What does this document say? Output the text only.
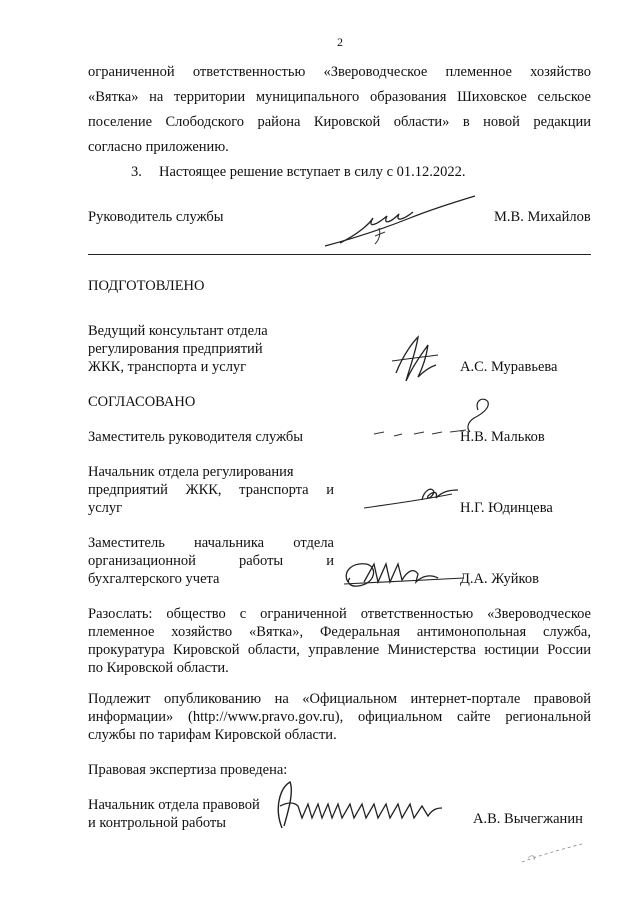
2
ограниченной ответственностью «Звероводческое племенное хозяйство
«Вятка» на территории муниципального образования Шиховское сельское
поселение Слободского района Кировской области» в новой редакции
согласно приложению.
3. Настоящее решение вступает в силу с 01.12.2022.
Руководитель службы	М.В. Михайлов
ПОДГОТОВЛЕНО
Ведущий консультант отдела
регулирования предприятий
ЖКК, транспорта и услуг	А.С. Муравьева
СОГЛАСОВАНО
Заместитель руководителя службы	Н.В. Мальков
Начальник отдела регулирования
предприятий ЖКК, транспорта и
услуг	Н.Г. Юдинцева
Заместитель начальника отдела
организационной работы и
бухгалтерского учета	Д.А. Жуйков
Разослать: общество с ограниченной ответственностью «Звероводческое
племенное хозяйство «Вятка», Федеральная антимонопольная служба,
прокуратура Кировской области, управление Министерства юстиции России
по Кировской области.
Подлежит опубликованию на «Официальном интернет-портале правовой
информации» (http://www.pravo.gov.ru), официальном сайте региональной
службы по тарифам Кировской области.
Правовая экспертиза проведена:
Начальник отдела правовой
и контрольной работы	А.В. Вычегжанин
